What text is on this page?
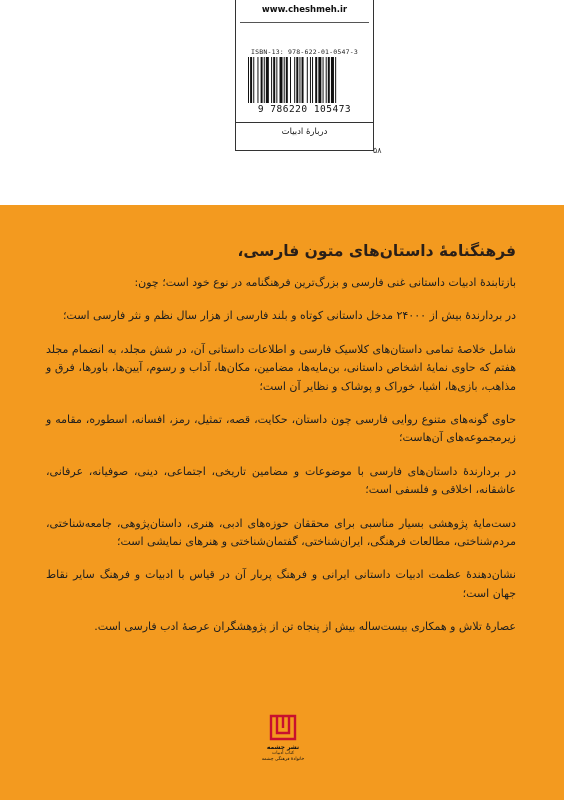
www.cheshmeh.ir
ISBN-13: 978-622-01-0547-3
9 786220 105473
دربارهٔ ادبیات
۵۸
فرهنگنامهٔ داستان‌های متون فارسی،
بازتابندهٔ ادبیات داستانی غنی فارسی و بزرگ‌ترین فرهنگنامه در نوع خود است؛ چون:
در بردارندهٔ بیش از ۲۴۰۰۰ مدخل داستانی کوتاه و بلند فارسی از هزار سال نظم و نثر فارسی است؛
شامل خلاصهٔ تمامی داستان‌های کلاسیک فارسی و اطلاعات داستانی آن، در شش مجلد، به انضمام مجلد هفتم که حاوی نمایهٔ اشخاص داستانی، بن‌مایه‌ها، مضامین، مکان‌ها، آداب و رسوم، آیین‌ها، باورها، فرق و مذاهب، بازی‌ها، اشیا، خوراک و پوشاک و نظایر آن است؛
حاوی گونه‌های متنوع روایی فارسی چون داستان، حکایت، قصه، تمثیل، رمز، افسانه، اسطوره، مقامه و زیرمجموعه‌های آن‌هاست؛
در بردارندهٔ داستان‌های فارسی با موضوعات و مضامین تاریخی، اجتماعی، دینی، صوفیانه، عرفانی، عاشقانه، اخلاقی و فلسفی است؛
دست‌مایهٔ پژوهشی بسیار مناسبی برای محققان حوزه‌های ادبی، هنری، داستان‌پژوهی، جامعه‌شناختی، مردم‌شناختی، مطالعات فرهنگی، ایران‌شناختی، گفتمان‌شناختی و هنرهای نمایشی است؛
نشان‌دهندهٔ عظمت ادبیات داستانی ایرانی و فرهنگ پربار آن در قیاس با ادبیات و فرهنگ سایر نقاط جهان است؛
عصارهٔ تلاش و همکاری بیست‌ساله بیش از پنجاه تن از پژوهشگران عرصهٔ ادب فارسی است.
نشر چشمه
کتاب ادبیات
خانوادهٔ فرهنگی چشمه
